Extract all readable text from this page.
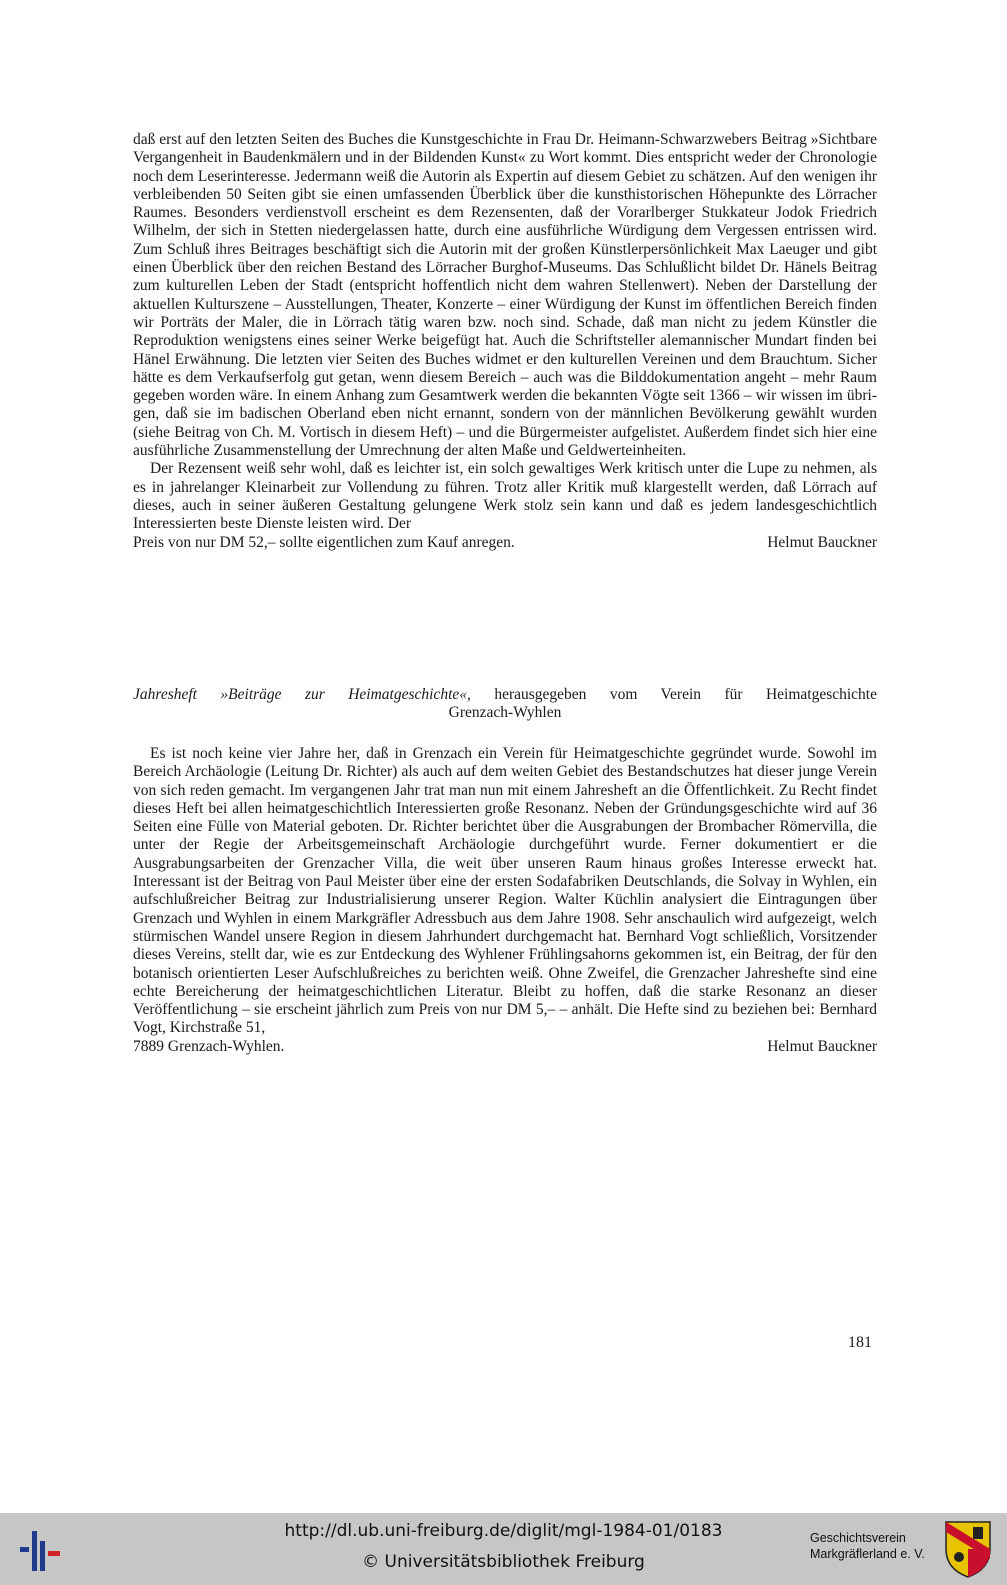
daß erst auf den letzten Seiten des Buches die Kunstgeschichte in Frau Dr. Heimann-Schwarzwebers Beitrag »Sichtbare Vergangenheit in Baudenkmälern und in der Bildenden Kunst« zu Wort kommt. Dies entspricht weder der Chronologie noch dem Leserinteresse. Jedermann weiß die Autorin als Expertin auf diesem Gebiet zu schätzen. Auf den wenigen ihr verbleibenden 50 Seiten gibt sie einen umfassenden Überblick über die kunsthistorischen Höhepunkte des Lörracher Raumes. Besonders verdienstvoll erscheint es dem Rezensenten, daß der Vorarlberger Stukkateur Jodok Friedrich Wilhelm, der sich in Stetten niedergelassen hatte, durch eine ausführliche Würdigung dem Vergessen entrissen wird. Zum Schluß ihres Beitrages beschäftigt sich die Autorin mit der großen Künstlerpersönlichkeit Max Laeuger und gibt einen Überblick über den reichen Bestand des Lörracher Burghof-Museums. Das Schlußlicht bildet Dr. Hänels Beitrag zum kulturellen Leben der Stadt (entspricht hoffentlich nicht dem wahren Stellenwert). Neben der Darstellung der aktuellen Kulturszene – Ausstellungen, Theater, Konzerte – einer Würdigung der Kunst im öffentlichen Bereich finden wir Porträts der Maler, die in Lörrach tätig waren bzw. noch sind. Schade, daß man nicht zu jedem Künstler die Reproduktion wenigstens eines seiner Werke beigefügt hat. Auch die Schriftsteller alemannischer Mundart finden bei Hänel Erwähnung. Die letzten vier Seiten des Buches widmet er den kulturellen Vereinen und dem Brauchtum. Sicher hätte es dem Verkaufserfolg gut getan, wenn diesem Bereich – auch was die Bilddokumentation angeht – mehr Raum gegeben worden wäre. In einem Anhang zum Gesamtwerk werden die bekannten Vögte seit 1366 – wir wissen im übrigen, daß sie im badischen Oberland eben nicht ernannt, sondern von der männlichen Bevölkerung gewählt wurden (siehe Beitrag von Ch. M. Vortisch in diesem Heft) – und die Bürgermeister aufgelistet. Außerdem findet sich hier eine ausführliche Zusammenstellung der Umrechnung der alten Maße und Geldwerteinheiten.

Der Rezensent weiß sehr wohl, daß es leichter ist, ein solch gewaltiges Werk kritisch unter die Lupe zu nehmen, als es in jahrelanger Kleinarbeit zur Vollendung zu führen. Trotz aller Kritik muß klargestellt werden, daß Lörrach auf dieses, auch in seiner äußeren Gestaltung gelungene Werk stolz sein kann und daß es jedem landesgeschichtlich Interessierten beste Dienste leisten wird. Der

Preis von nur DM 52,– sollte eigentlichen zum Kauf anregen.	Helmut Bauckner
Jahresheft »Beiträge zur Heimatgeschichte«, herausgegeben vom Verein für Heimatgeschichte
Grenzach-Wyhlen

Es ist noch keine vier Jahre her, daß in Grenzach ein Verein für Heimatgeschichte gegründet wurde. Sowohl im Bereich Archäologie (Leitung Dr. Richter) als auch auf dem weiten Gebiet des Bestandschutzes hat dieser junge Verein von sich reden gemacht. Im vergangenen Jahr trat man nun mit einem Jahresheft an die Öffentlichkeit. Zu Recht findet dieses Heft bei allen heimatgeschichtlich Interessierten große Resonanz. Neben der Gründungsgeschichte wird auf 36 Seiten eine Fülle von Material geboten. Dr. Richter berichtet über die Ausgrabungen der Brombacher Römervilla, die unter der Regie der Arbeitsgemeinschaft Archäologie durchgeführt wurde. Ferner dokumentiert er die Ausgrabungsarbeiten der Grenzacher Villa, die weit über unseren Raum hinaus großes Interesse erweckt hat. Interessant ist der Beitrag von Paul Meister über eine der ersten Sodafabriken Deutschlands, die Solvay in Wyhlen, ein aufschlußreicher Beitrag zur Industrialisierung unserer Region. Walter Küchlin analysiert die Eintragungen über Grenzach und Wyhlen in einem Markgräfler Adressbuch aus dem Jahre 1908. Sehr anschaulich wird aufgezeigt, welch stürmischen Wandel unsere Region in diesem Jahrhundert durchgemacht hat. Bernhard Vogt schließlich, Vorsitzender dieses Vereins, stellt dar, wie es zur Entdeckung des Wyhlener Frühlingsahorns gekommen ist, ein Beitrag, der für den botanisch orientierten Leser Aufschlußreiches zu berichten weiß. Ohne Zweifel, die Grenzacher Jahreshefte sind eine echte Bereicherung der heimatgeschichtlichen Literatur. Bleibt zu hoffen, daß die starke Resonanz an dieser Veröffentlichung – sie erscheint jährlich zum Preis von nur DM 5,– – anhält. Die Hefte sind zu beziehen bei: Bernhard Vogt, Kirchstraße 51,

7889 Grenzach-Wyhlen.	Helmut Bauckner
181
http://dl.ub.uni-freiburg.de/diglit/mgl-1984-01/0183
© Universitätsbibliothek Freiburg
Geschichtsverein
Markgräflerland e. V.
